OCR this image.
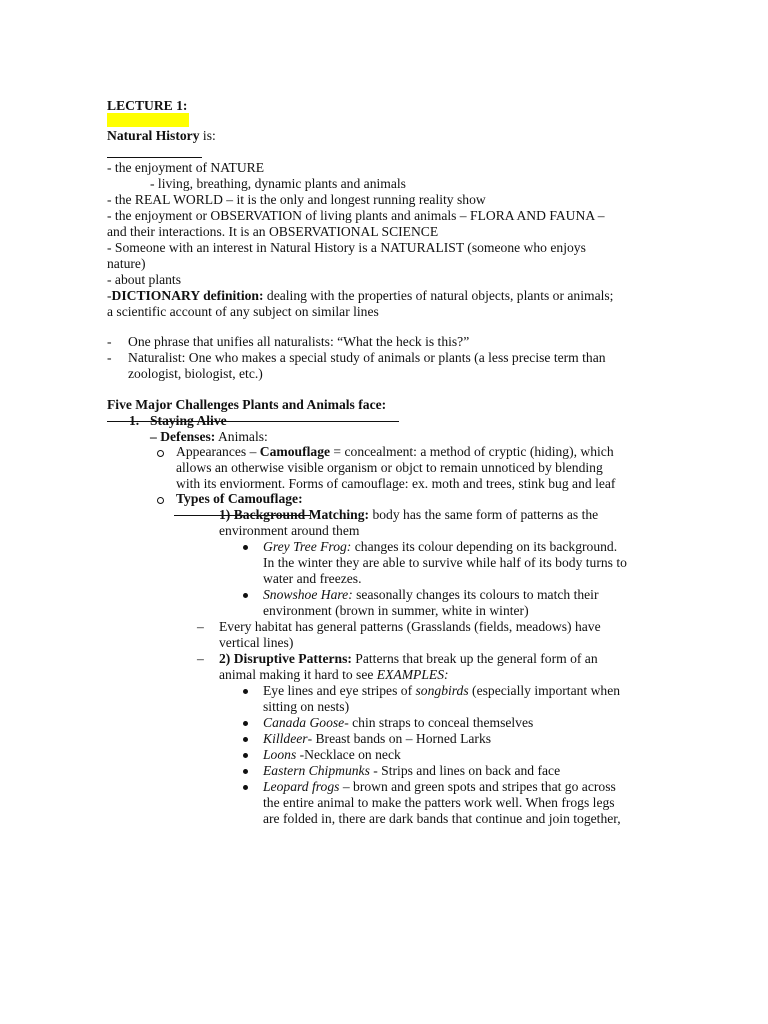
LECTURE 1:
Natural History is:
- the enjoyment of NATURE
- living, breathing, dynamic plants and animals
- the REAL WORLD – it is the only and longest running reality show
- the enjoyment or OBSERVATION of living plants and animals – FLORA AND FAUNA –
and their interactions. It is an OBSERVATIONAL SCIENCE
- Someone with an interest in Natural History is a NATURALIST (someone who enjoys
nature)
- about plants
-DICTIONARY definition: dealing with the properties of natural objects, plants or animals;
a scientific account of any subject on similar lines
- One phrase that unifies all naturalists: “What the heck is this?”
- Naturalist: One who makes a special study of animals or plants (a less precise term than
zoologist, biologist, etc.)
Five Major Challenges Plants and Animals face:
1. Staying Alive
– Defenses: Animals:
Appearances – Camouflage = concealment: a method of cryptic (hiding), which
allows an otherwise visible organism or objct to remain unnoticed by blending
with its enviorment. Forms of camouflage: ex. moth and trees, stink bug and leaf
Types of Camouflage:
1) Background Matching: body has the same form of patterns as the
environment around them
Grey Tree Frog: changes its colour depending on its background.
In the winter they are able to survive while half of its body turns to
water and freezes.
Snowshoe Hare: seasonally changes its colours to match their
environment (brown in summer, white in winter)
– Every habitat has general patterns (Grasslands (fields, meadows) have
vertical lines)
– 2) Disruptive Patterns: Patterns that break up the general form of an
animal making it hard to see EXAMPLES:
Eye lines and eye stripes of songbirds (especially important when
sitting on nests)
Canada Goose- chin straps to conceal themselves
Killdeer- Breast bands on – Horned Larks
Loons -Necklace on neck
Eastern Chipmunks - Strips and lines on back and face
Leopard frogs – brown and green spots and stripes that go across
the entire animal to make the patters work well. When frogs legs
are folded in, there are dark bands that continue and join together,
